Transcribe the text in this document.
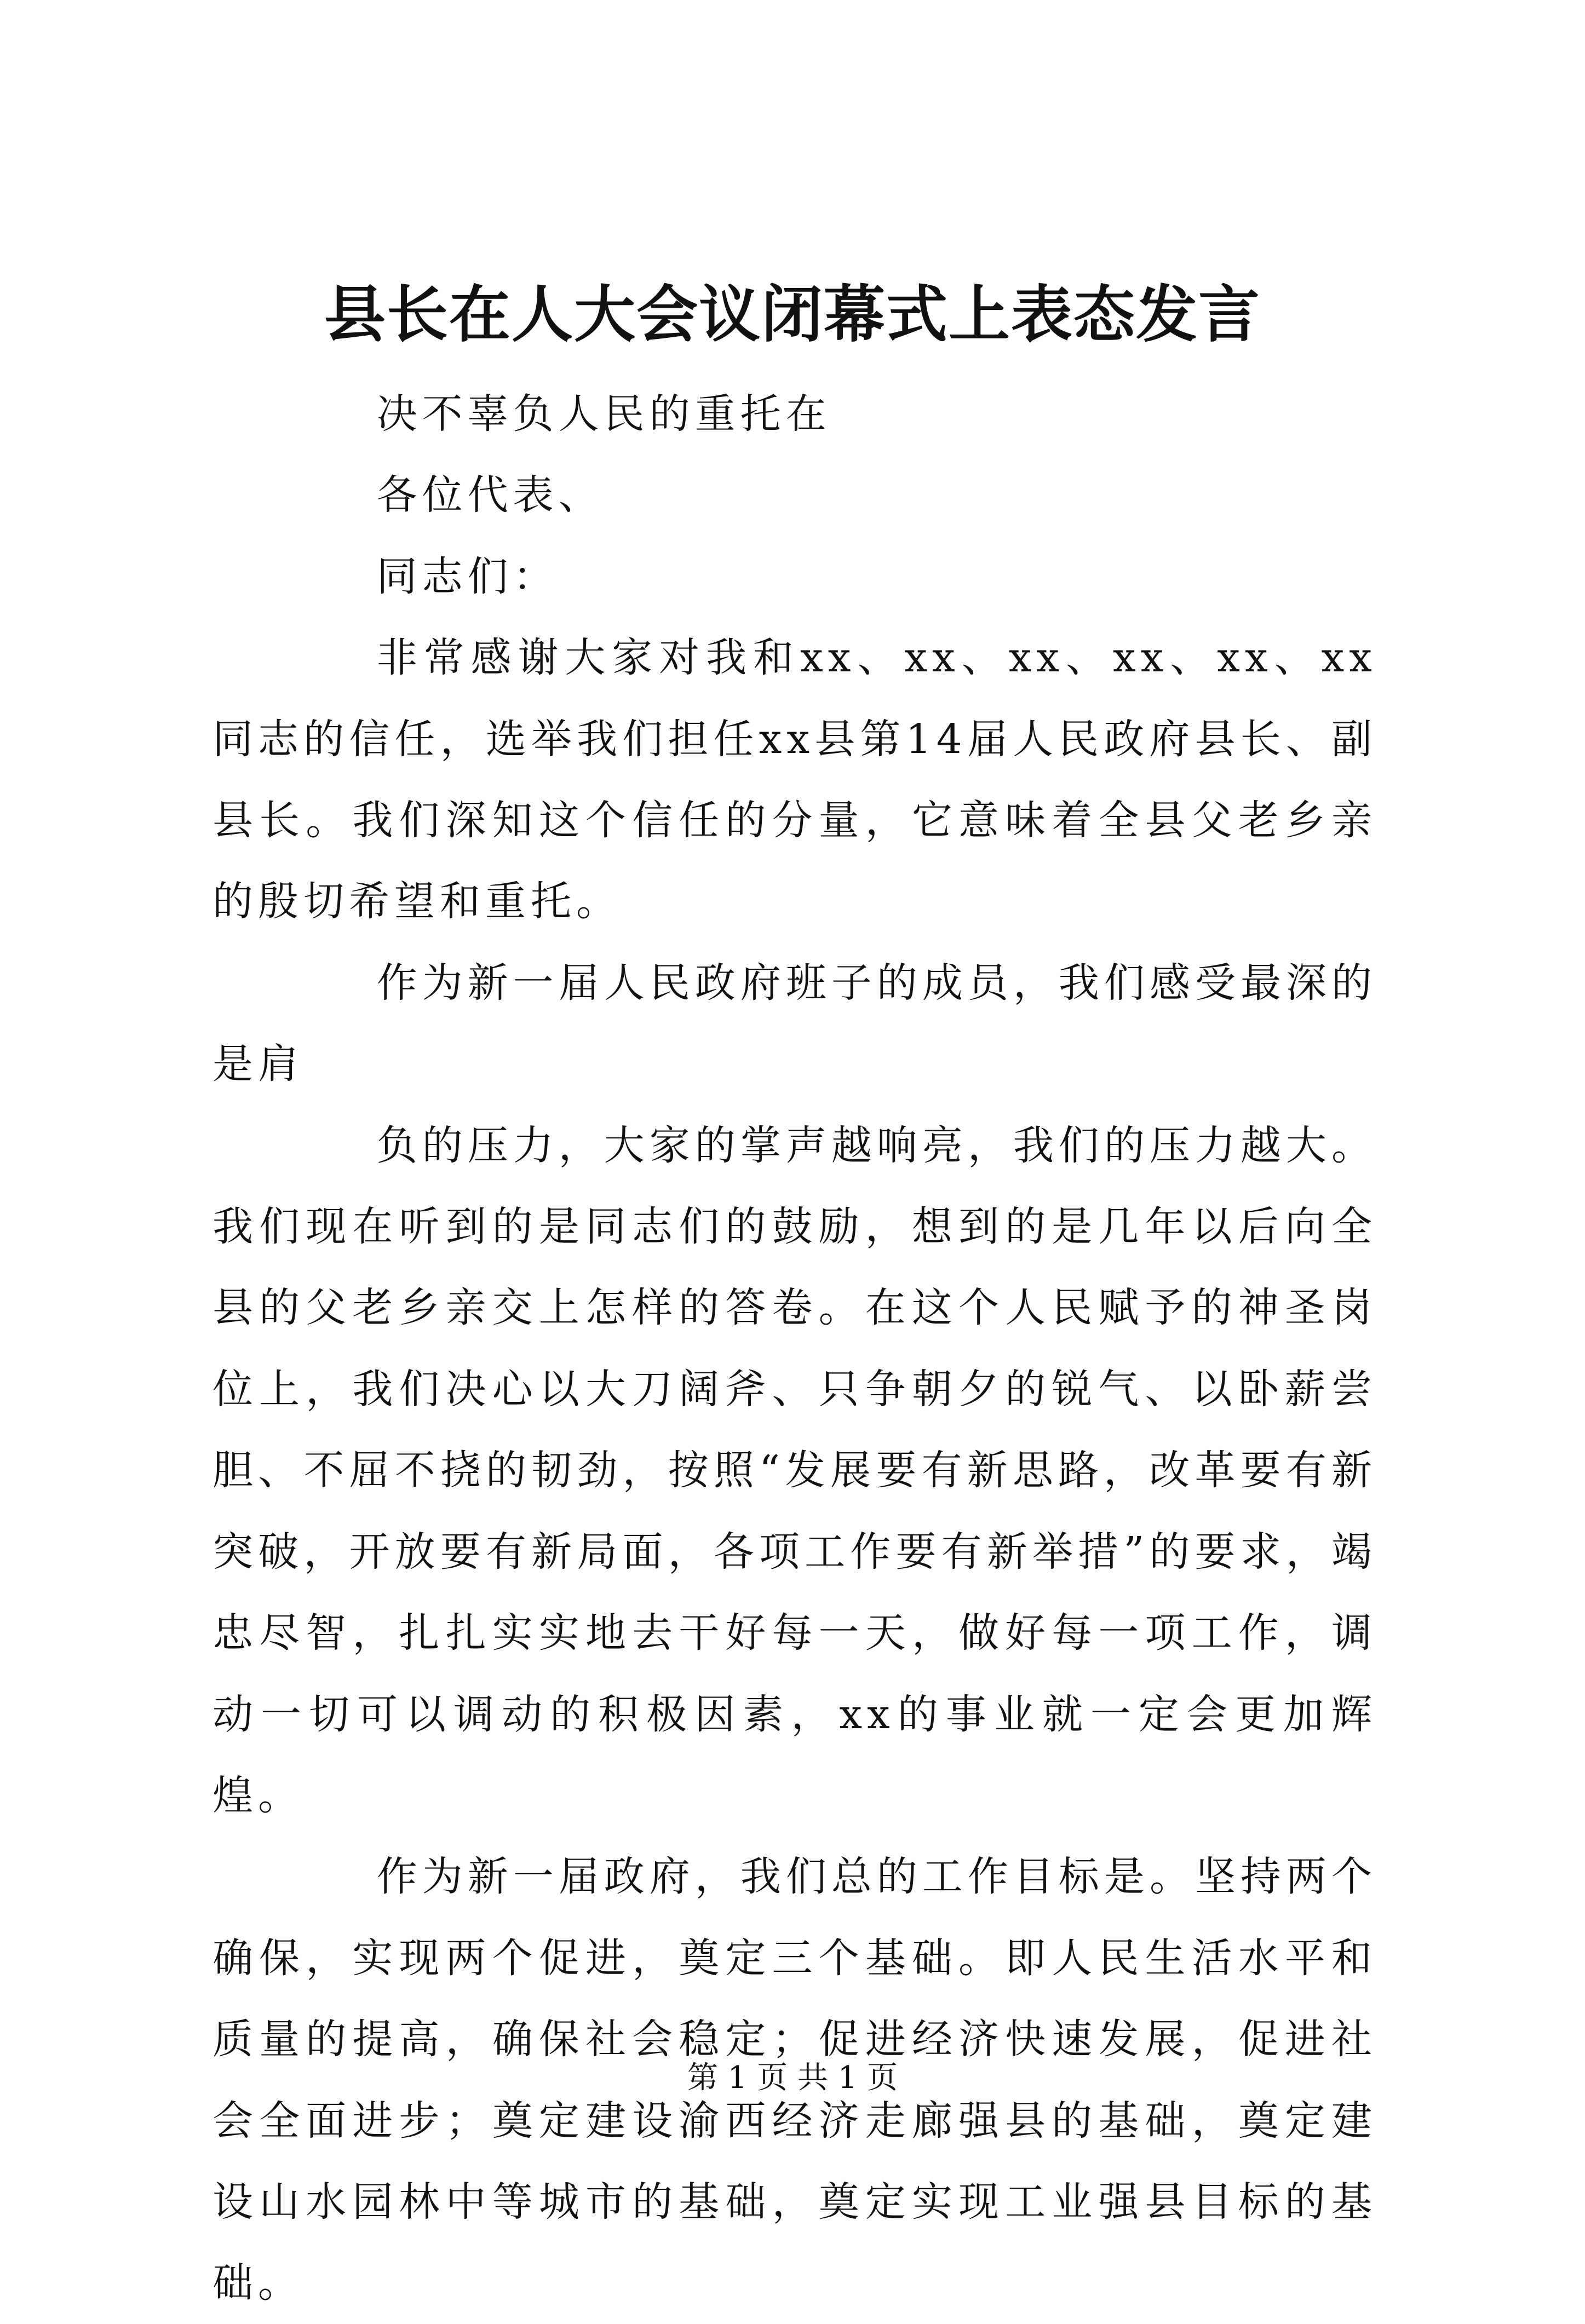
县长在人大会议闭幕式上表态发言

决不辜负人民的重托在

各位代表、

同志们：

非常感谢大家对我和xx、xx、xx、xx、xx、xx同志的信任，选举我们担任xx县第14届人民政府县长、副县长。我们深知这个信任的分量，它意味着全县父老乡亲的殷切希望和重托。

作为新一届人民政府班子的成员，我们感受最深的是肩

负的压力，大家的掌声越响亮，我们的压力越大。我们现在听到的是同志们的鼓励，想到的是几年以后向全县的父老乡亲交上怎样的答卷。在这个人民赋予的神圣岗位上，我们决心以大刀阔斧、只争朝夕的锐气、以卧薪尝胆、不屈不挠的韧劲，按照“发展要有新思路，改革要有新突破，开放要有新局面，各项工作要有新举措”的要求，竭忠尽智，扎扎实实地去干好每一天，做好每一项工作，调动一切可以调动的积极因素，xx的事业就一定会更加辉煌。

作为新一届政府，我们总的工作目标是。坚持两个确保，实现两个促进，奠定三个基础。即人民生活水平和质量的提高，确保社会稳定；促进经济快速发展，促进社会全面进步；奠定建设渝西经济走廊强县的基础，奠定建设山水园林中等城市的基础，奠定实现工业强县目标的基础。

第 1 页 共 1 页
